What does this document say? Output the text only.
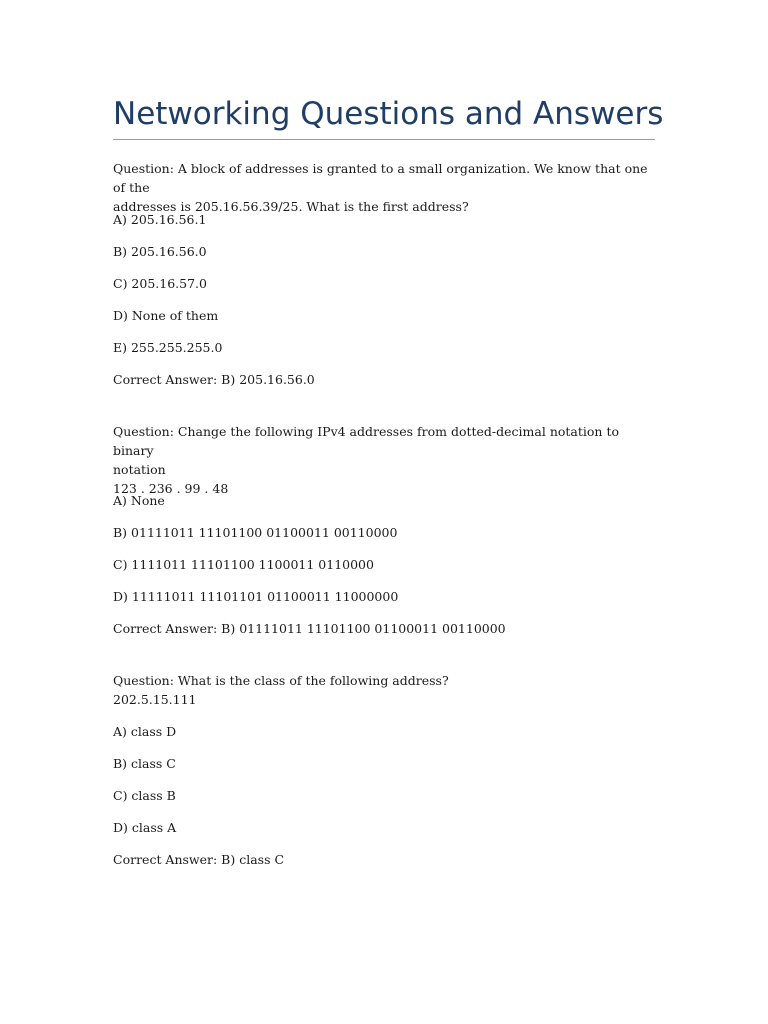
Networking Questions and Answers

Question: A block of addresses is granted to a small organization. We know that one of the

addresses is 205.16.56.39/25. What is the first address?

A) 205.16.56.1

B) 205.16.56.0

C) 205.16.57.0

D) None of them

E) 255.255.255.0

Correct Answer: B) 205.16.56.0

Question: Change the following IPv4 addresses from dotted-decimal notation to binary

notation

123 . 236 . 99 . 48

A) None

B) 01111011 11101100 01100011 00110000

C) 1111011 11101100 1100011 0110000

D) 11111011 11101101 01100011 11000000

Correct Answer: B) 01111011 11101100 01100011 00110000

Question: What is the class of the following address?

202.5.15.111

A) class D

B) class C

C) class B

D) class A

Correct Answer: B) class C
